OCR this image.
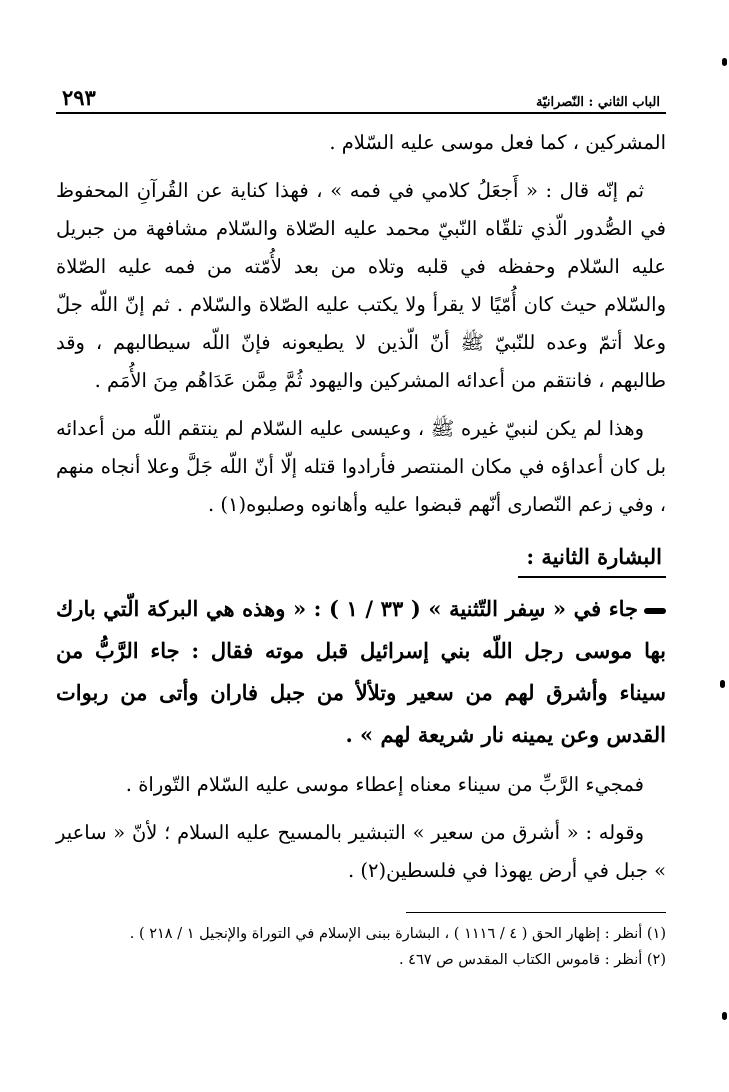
الباب الثاني : النّصرانيّة
٢٩٣

المشركين ، كما فعل موسى عليه السّلام .

ثم إنّه قال : « أَجعَلُ كلامي في فمه » ، فهذا كناية عن القُرآنِ المحفوظ في الصُّدور الّذي تلقّاه النّبيّ محمد عليه الصّلاة والسّلام مشافهة من جبريل عليه السّلام وحفظه في قلبه وتلاه من بعد لأُمّته من فمه عليه الصّلاة والسّلام حيث كان أُمّيًا لا يقرأ ولا يكتب عليه الصّلاة والسّلام . ثم إنّ اللّه جلّ وعلا أتمّ وعده للنّبيّ ﷺ أنّ الّذين لا يطيعونه فإنّ اللّه سيطالبهم ، وقد طالبهم ، فانتقم من أعدائه المشركين واليهود ثُمَّ مِمَّن عَدَاهُم مِنَ الأُمَم .

وهذا لم يكن لنبيّ غيره ﷺ ، وعيسى عليه السّلام لم ينتقم اللّه من أعدائه بل كان أعداؤه في مكان المنتصر فأرادوا قتله إلّا أنّ اللّه جَلَّ وعلا أنجاه منهم ، وفي زعم النّصارى أنّهم قبضوا عليه وأهانوه وصلبوه(١) .

البشارة الثانية :

جاء في « سِفر التّثنية » ( ٣٣ / ١ ) : « وهذه هي البركة الّتي بارك بها موسى رجل اللّه بني إسرائيل قبل موته فقال : جاء الرَّبُّ من سيناء وأشرق لهم من سعير وتلألأ من جبل فاران وأتى من ربوات القدس وعن يمينه نار شريعة لهم » .

فمجيء الرَّبِّ من سيناء معناه إعطاء موسى عليه السّلام التّوراة .

وقوله : « أشرق من سعير » التبشير بالمسيح عليه السلام ؛ لأنّ « ساعير » جبل في أرض يهوذا في فلسطين(٢) .

(١) أنظر : إظهار الحق ( ٤ / ١١١٦ ) ، البشارة ببنى الإسلام في التوراة والإنجيل ١ / ٢١٨ ) .

(٢) أنظر : قاموس الكتاب المقدس ص ٤٦٧ .
